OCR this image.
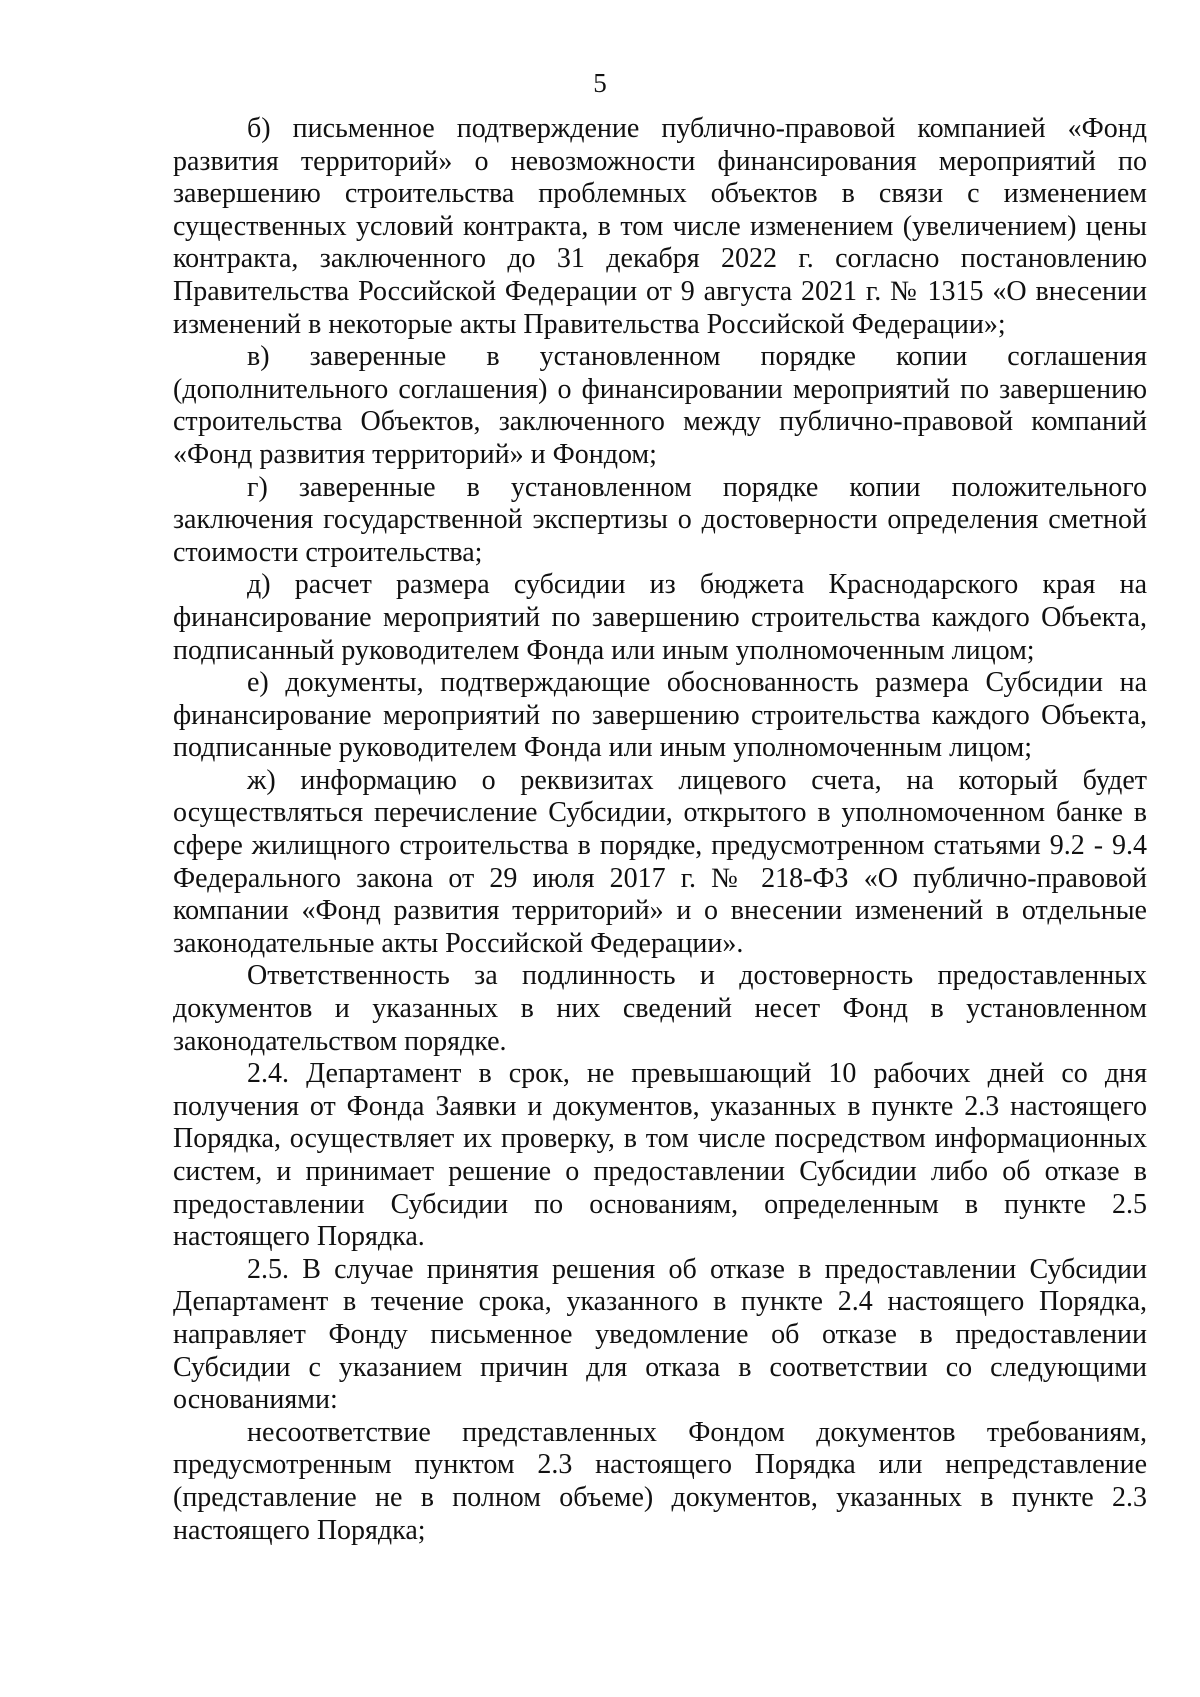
5

б) письменное подтверждение публично-правовой компанией «Фонд развития территорий» о невозможности финансирования мероприятий по завершению строительства проблемных объектов в связи с изменением существенных условий контракта, в том числе изменением (увеличением) цены контракта, заключенного до 31 декабря 2022 г. согласно постановлению Правительства Российской Федерации от 9 августа 2021 г. № 1315 «О внесении изменений в некоторые акты Правительства Российской Федерации»;

в) заверенные в установленном порядке копии соглашения (дополнительного соглашения) о финансировании мероприятий по завершению строительства Объектов, заключенного между публично-правовой компаний «Фонд развития территорий» и Фондом;

г) заверенные в установленном порядке копии положительного заключения государственной экспертизы о достоверности определения сметной стоимости строительства;

д) расчет размера субсидии из бюджета Краснодарского края на финансирование мероприятий по завершению строительства каждого Объекта, подписанный руководителем Фонда или иным уполномоченным лицом;

е) документы, подтверждающие обоснованность размера Субсидии на финансирование мероприятий по завершению строительства каждого Объекта, подписанные руководителем Фонда или иным уполномоченным лицом;

ж) информацию о реквизитах лицевого счета, на который будет осуществляться перечисление Субсидии, открытого в уполномоченном банке в сфере жилищного строительства в порядке, предусмотренном статьями 9.2 - 9.4 Федерального закона от 29 июля 2017 г. № 218-ФЗ «О публично-правовой компании «Фонд развития территорий» и о внесении изменений в отдельные законодательные акты Российской Федерации».

Ответственность за подлинность и достоверность предоставленных документов и указанных в них сведений несет Фонд в установленном законодательством порядке.

2.4. Департамент в срок, не превышающий 10 рабочих дней со дня получения от Фонда Заявки и документов, указанных в пункте 2.3 настоящего Порядка, осуществляет их проверку, в том числе посредством информационных систем, и принимает решение о предоставлении Субсидии либо об отказе в предоставлении Субсидии по основаниям, определенным в пункте 2.5 настоящего Порядка.

2.5. В случае принятия решения об отказе в предоставлении Субсидии Департамент в течение срока, указанного в пункте 2.4 настоящего Порядка, направляет Фонду письменное уведомление об отказе в предоставлении Субсидии с указанием причин для отказа в соответствии со следующими основаниями:

несоответствие представленных Фондом документов требованиям, предусмотренным пунктом 2.3 настоящего Порядка или непредставление (представление не в полном объеме) документов, указанных в пункте 2.3 настоящего Порядка;
